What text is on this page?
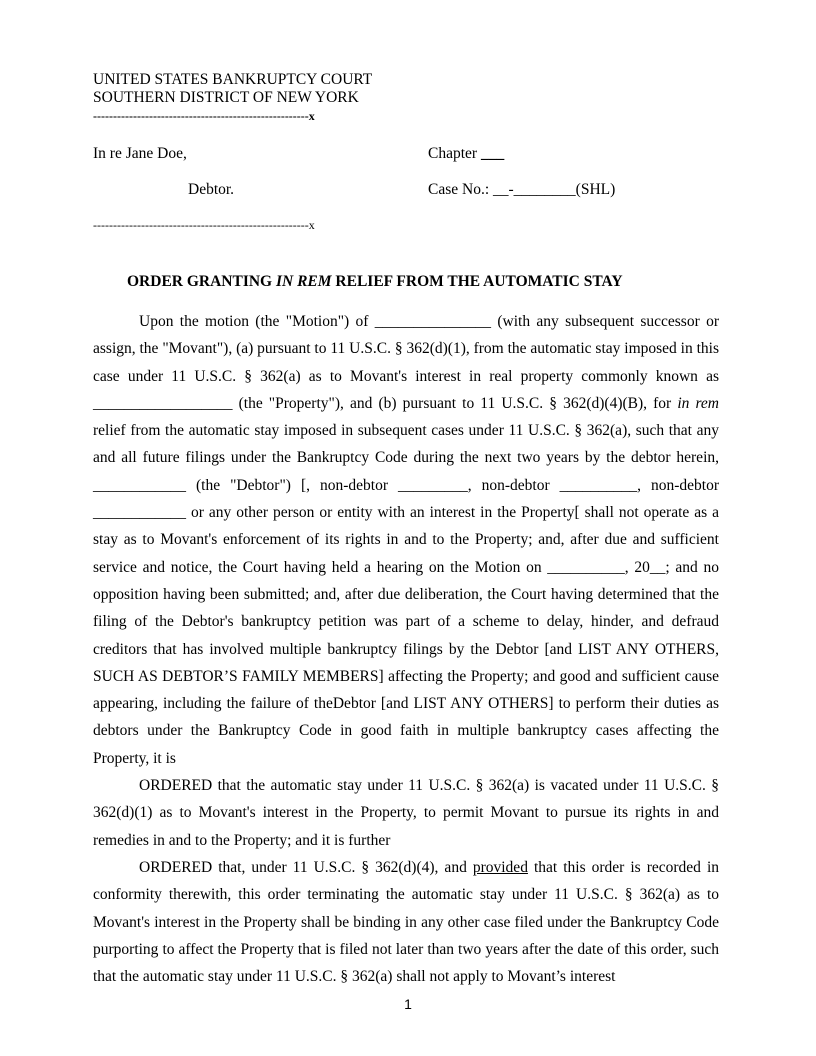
UNITED STATES BANKRUPTCY COURT
SOUTHERN DISTRICT OF NEW YORK
------------------------------------------------------x
In re Jane Doe,	Chapter ___
Debtor.	Case No.: __-________(SHL)
------------------------------------------------------x
ORDER GRANTING IN REM RELIEF FROM THE AUTOMATIC STAY

Upon the motion (the "Motion") of _______________ (with any subsequent successor or assign, the "Movant"), (a) pursuant to 11 U.S.C. § 362(d)(1), from the automatic stay imposed in this case under 11 U.S.C. § 362(a) as to Movant's interest in real property commonly known as __________________ (the "Property"), and (b) pursuant to 11 U.S.C. § 362(d)(4)(B), for in rem relief from the automatic stay imposed in subsequent cases under 11 U.S.C. § 362(a), such that any and all future filings under the Bankruptcy Code during the next two years by the debtor herein, ____________ (the "Debtor") [, non-debtor _________, non-debtor __________, non-debtor ____________ or any other person or entity with an interest in the Property[ shall not operate as a stay as to Movant's enforcement of its rights in and to the Property; and, after due and sufficient service and notice, the Court having held a hearing on the Motion on __________, 20__; and no opposition having been submitted; and, after due deliberation, the Court having determined that the filing of the Debtor's bankruptcy petition was part of a scheme to delay, hinder, and defraud creditors that has involved multiple bankruptcy filings by the Debtor [and LIST ANY OTHERS, SUCH AS DEBTOR’S FAMILY MEMBERS] affecting the Property; and good and sufficient cause appearing, including the failure of theDebtor [and LIST ANY OTHERS] to perform their duties as debtors under the Bankruptcy Code in good faith in multiple bankruptcy cases affecting the Property, it is

ORDERED that the automatic stay under 11 U.S.C. § 362(a) is vacated under 11 U.S.C. § 362(d)(1) as to Movant's interest in the Property, to permit Movant to pursue its rights in and remedies in and to the Property; and it is further

ORDERED that, under 11 U.S.C. § 362(d)(4), and provided that this order is recorded in conformity therewith, this order terminating the automatic stay under 11 U.S.C. § 362(a) as to Movant's interest in the Property shall be binding in any other case filed under the Bankruptcy Code purporting to affect the Property that is filed not later than two years after the date of this order, such that the automatic stay under 11 U.S.C. § 362(a) shall not apply to Movant’s interest

1
